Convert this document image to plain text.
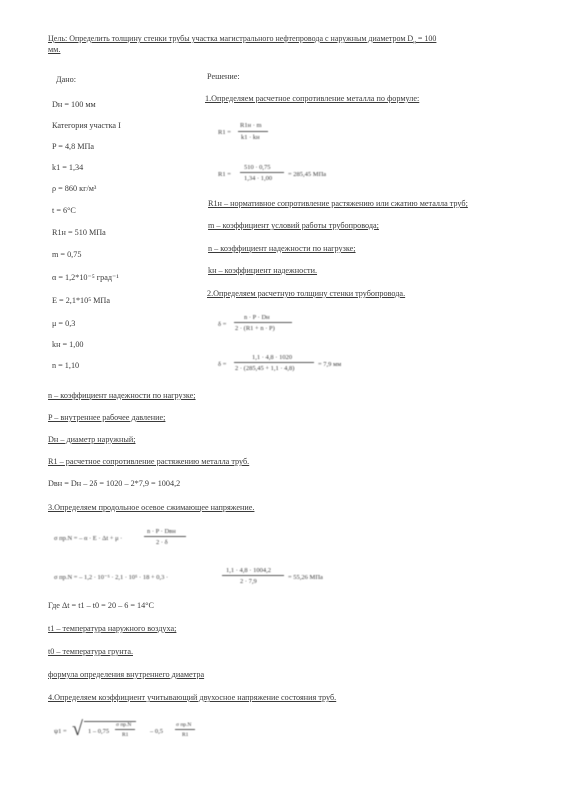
Цель: Определить толщину стенки трубы участка магистрального нефтепровода с наружным диаметром $D_н = 100$
мм.
Дано:
Dн = 100 мм
Категория участка I
P = 4,8 МПа
k1 = 1,34
ρ = 860 кг/м³
t = 6°С
R1н = 510 МПа
m = 0,75
α = 1,2*10⁻⁵ град⁻¹
E = 2,1*10⁵ МПа
μ = 0,3
kн = 1,00
n = 1,10
Решение:
1.Определяем расчетное сопротивление металла по формуле:
R1 =
R1н · m
k1 · kн
R1 =
510 · 0,75
1,34 · 1,00
= 285,45 МПа
R1н – нормативное сопротивление растяжению или сжатию металла труб;
m – коэффициент условий работы трубопровода;
n – коэффициент надежности по нагрузке;
kн – коэффициент надежности.
2.Определяем расчетную толщину стенки трубопровода.
δ =
n · P · Dн
2 · (R1 + n · P)
δ =
1,1 · 4,8 · 1020
2 · (285,45 + 1,1 · 4,8)
= 7,9 мм
n – коэффициент надежности по нагрузке;
P – внутреннее рабочее давление;
Dн – диаметр наружный;
R1 – расчетное сопротивление растяжению металла труб.
Dвн = Dн – 2δ = 1020 – 2*7,9 = 1004,2
3.Определяем продольное осевое сжимающее напряжение.
σ пр.N = – α · E · Δt + μ ·
n · P · Dвн
2 · δ
σ пр.N = – 1,2 · 10⁻⁵ · 2,1 · 10⁵ · 18 + 0,3 ·
1,1 · 4,8 · 1004,2
2 · 7,9
= 55,26 МПа
Где Δt = t1 – t0 = 20 – 6 = 14°С
t1 – температура наружного воздуха;
t0 – температура грунта.
формула определения внутреннего диаметра
4.Определяем коэффициент учитывающий двухосное напряжение состояния труб.
ψ1 = √ 1 – 0,75
σ пр.N
R1	– 0,5
σ пр.N
R1
